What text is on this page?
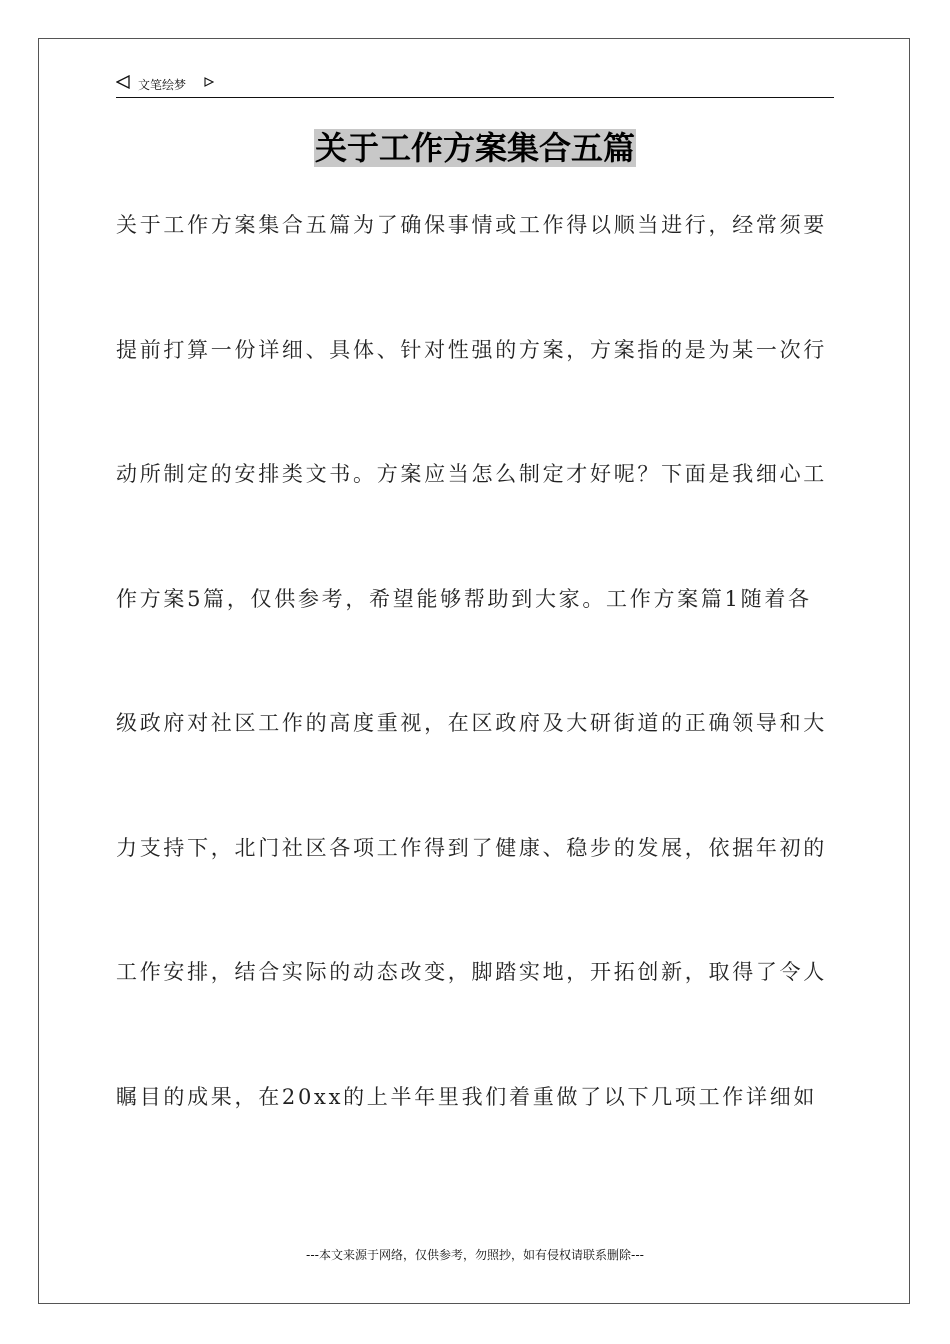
文笔绘梦
关于工作方案集合五篇
关于工作方案集合五篇为了确保事情或工作得以顺当进行，经常须要
提前打算一份详细、具体、针对性强的方案，方案指的是为某一次行
动所制定的安排类文书。方案应当怎么制定才好呢？下面是我细心工
作方案5篇，仅供参考，希望能够帮助到大家。工作方案篇1随着各
级政府对社区工作的高度重视，在区政府及大研街道的正确领导和大
力支持下，北门社区各项工作得到了健康、稳步的发展，依据年初的
工作安排，结合实际的动态改变，脚踏实地，开拓创新，取得了令人
瞩目的成果，在20xx的上半年里我们着重做了以下几项工作详细如
---本文来源于网络，仅供参考，勿照抄，如有侵权请联系删除---
